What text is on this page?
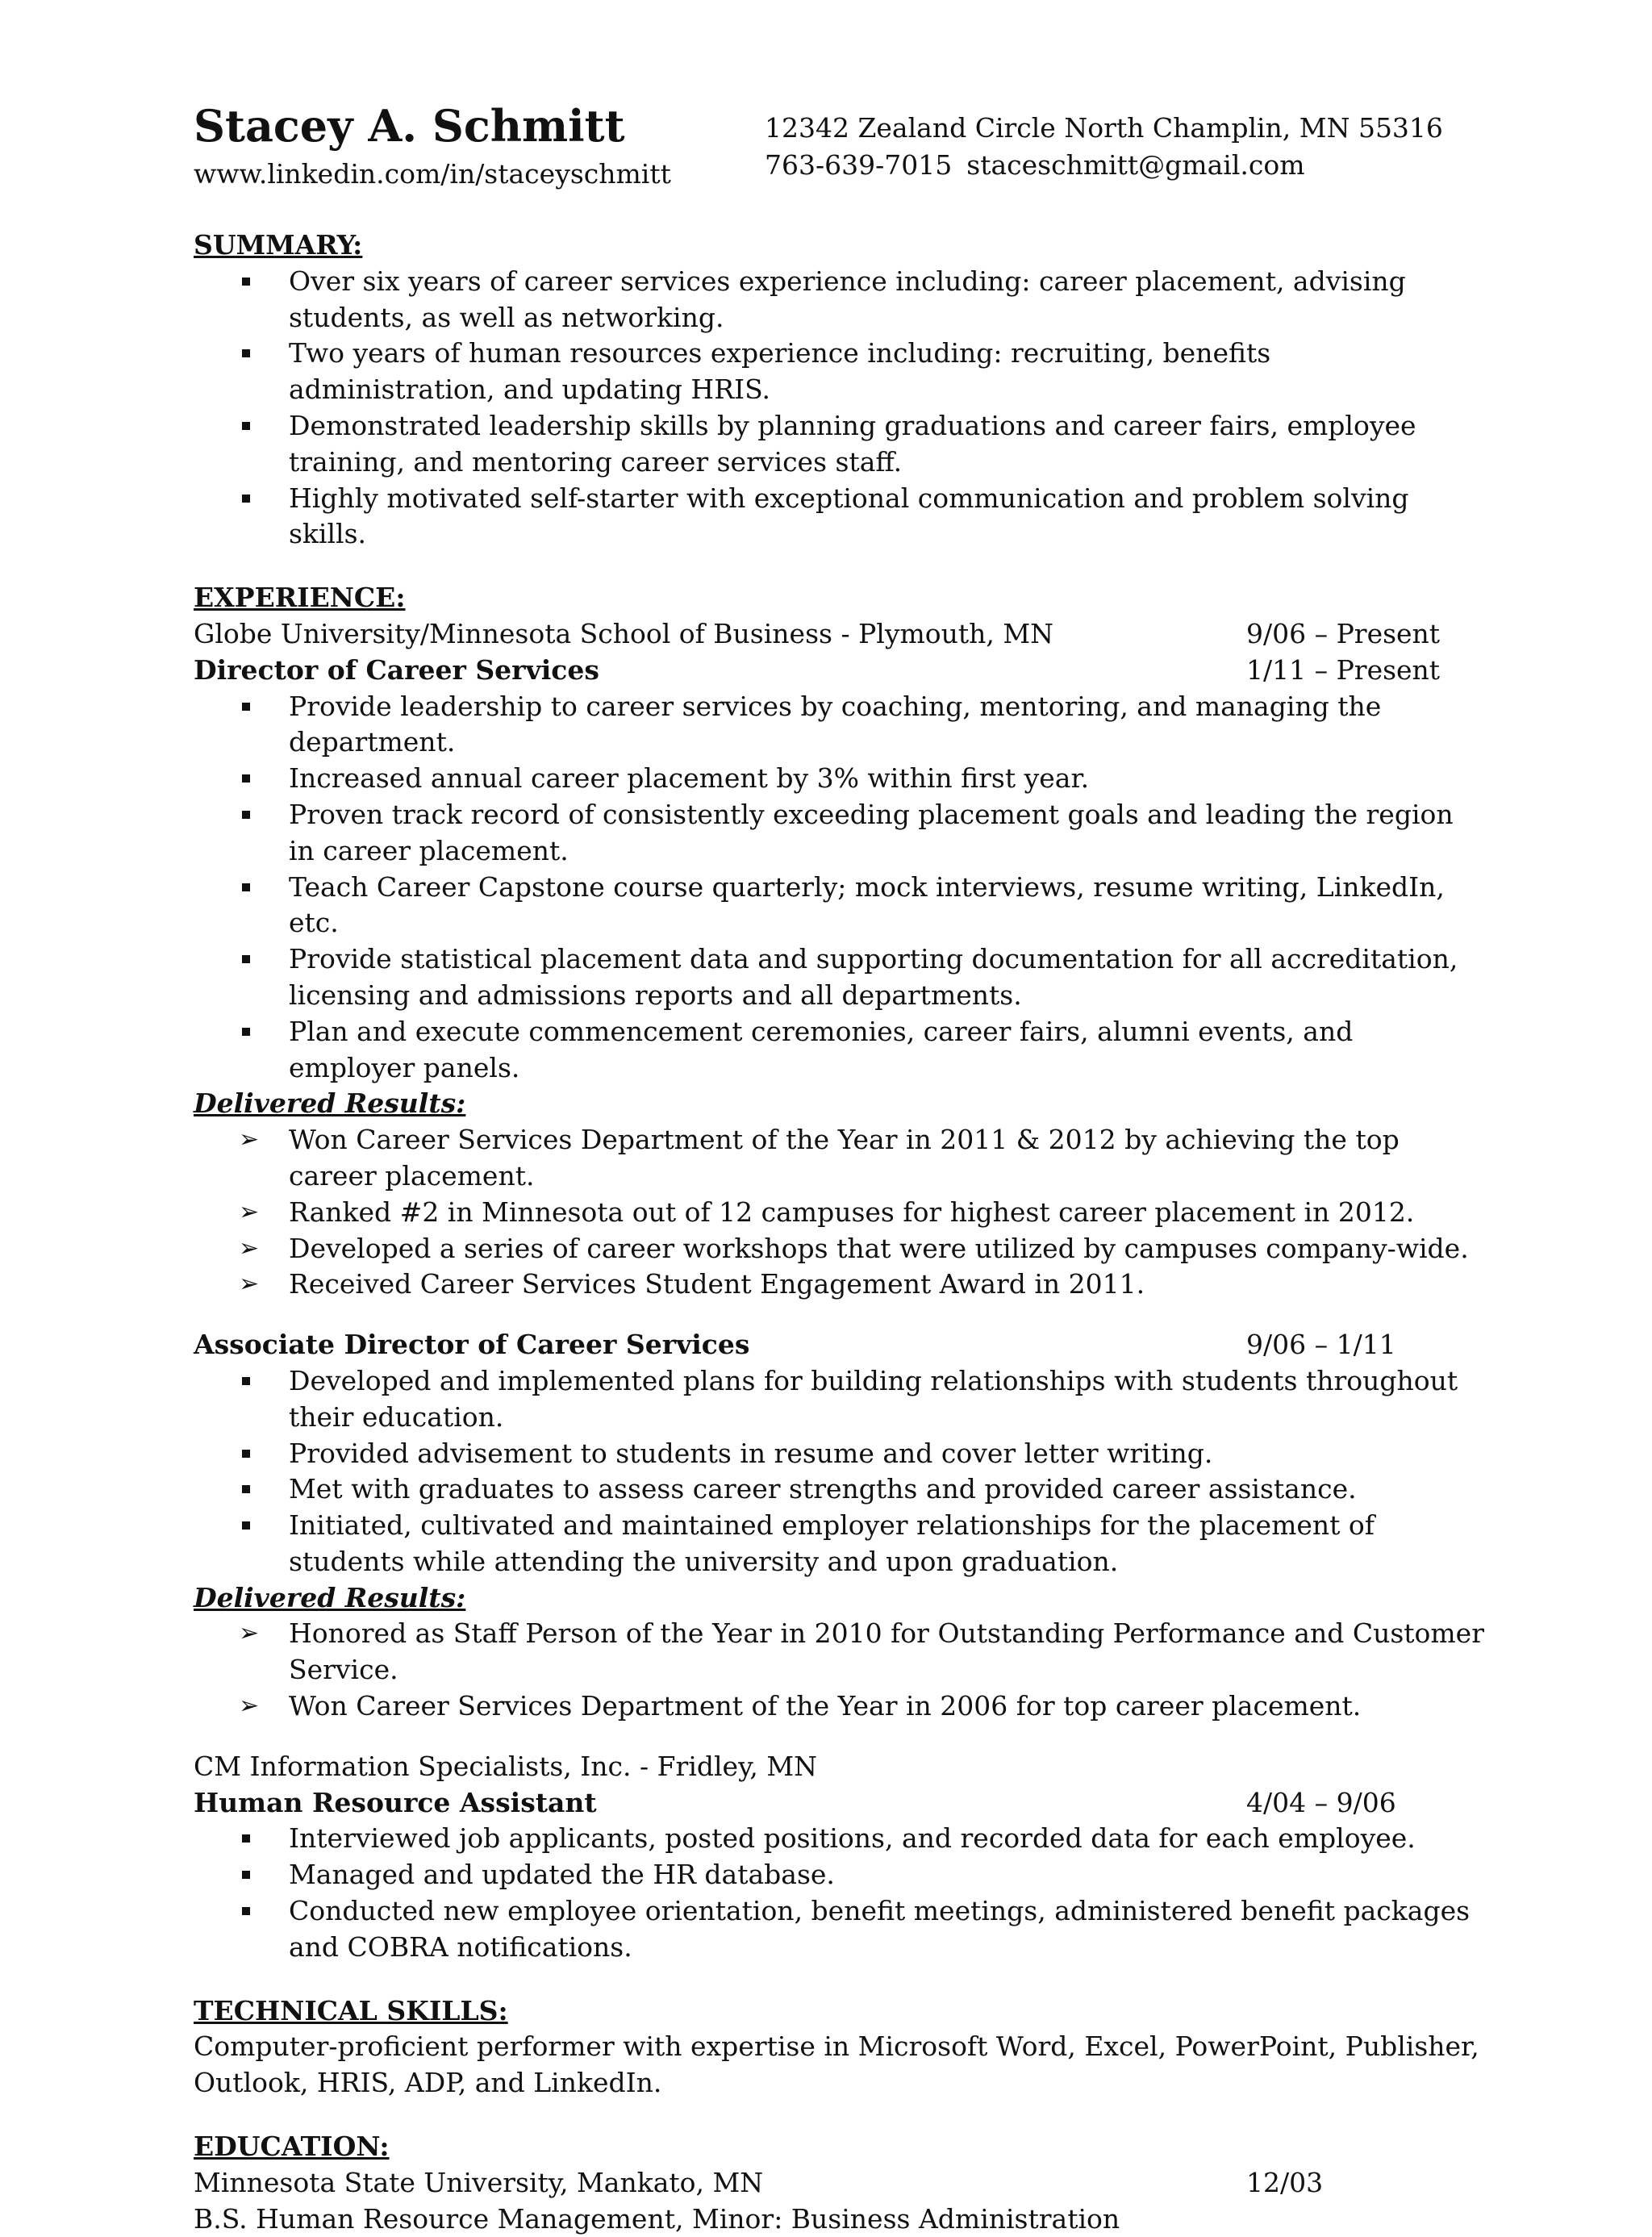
Stacey A. Schmitt
www.linkedin.com/in/staceyschmitt
12342 Zealand Circle North Champlin, MN 55316
763-639-7015 staceschmitt@gmail.com

SUMMARY:

Over six years of career services experience including: career placement, advising students, as well as networking.
Two years of human resources experience including: recruiting, benefits administration, and updating HRIS.
Demonstrated leadership skills by planning graduations and career fairs, employee training, and mentoring career services staff.
Highly motivated self-starter with exceptional communication and problem solving skills.

EXPERIENCE:

Globe University/Minnesota School of Business - Plymouth, MN	9/06 – Present
Director of Career Services	1/11 – Present
Provide leadership to career services by coaching, mentoring, and managing the department.
Increased annual career placement by 3% within first year.
Proven track record of consistently exceeding placement goals and leading the region in career placement.
Teach Career Capstone course quarterly; mock interviews, resume writing, LinkedIn, etc.
Provide statistical placement data and supporting documentation for all accreditation, licensing and admissions reports and all departments.
Plan and execute commencement ceremonies, career fairs, alumni events, and employer panels.

Delivered Results:

➢ Won Career Services Department of the Year in 2011 & 2012 by achieving the top career placement.
➢ Ranked #2 in Minnesota out of 12 campuses for highest career placement in 2012.
➢ Developed a series of career workshops that were utilized by campuses company-wide.
➢ Received Career Services Student Engagement Award in 2011.
Associate Director of Career Services	9/06 – 1/11
Developed and implemented plans for building relationships with students throughout their education.
Provided advisement to students in resume and cover letter writing.
Met with graduates to assess career strengths and provided career assistance.
Initiated, cultivated and maintained employer relationships for the placement of students while attending the university and upon graduation.

Delivered Results:

➢ Honored as Staff Person of the Year in 2010 for Outstanding Performance and Customer Service.
➢ Won Career Services Department of the Year in 2006 for top career placement.
CM Information Specialists, Inc. - Fridley, MN
Human Resource Assistant	4/04 – 9/06
Interviewed job applicants, posted positions, and recorded data for each employee.
Managed and updated the HR database.
Conducted new employee orientation, benefit meetings, administered benefit packages and COBRA notifications.

TECHNICAL SKILLS:

Computer-proficient performer with expertise in Microsoft Word, Excel, PowerPoint, Publisher, Outlook, HRIS, ADP, and LinkedIn.

EDUCATION:

Minnesota State University, Mankato, MN	12/03

B.S. Human Resource Management, Minor: Business Administration
